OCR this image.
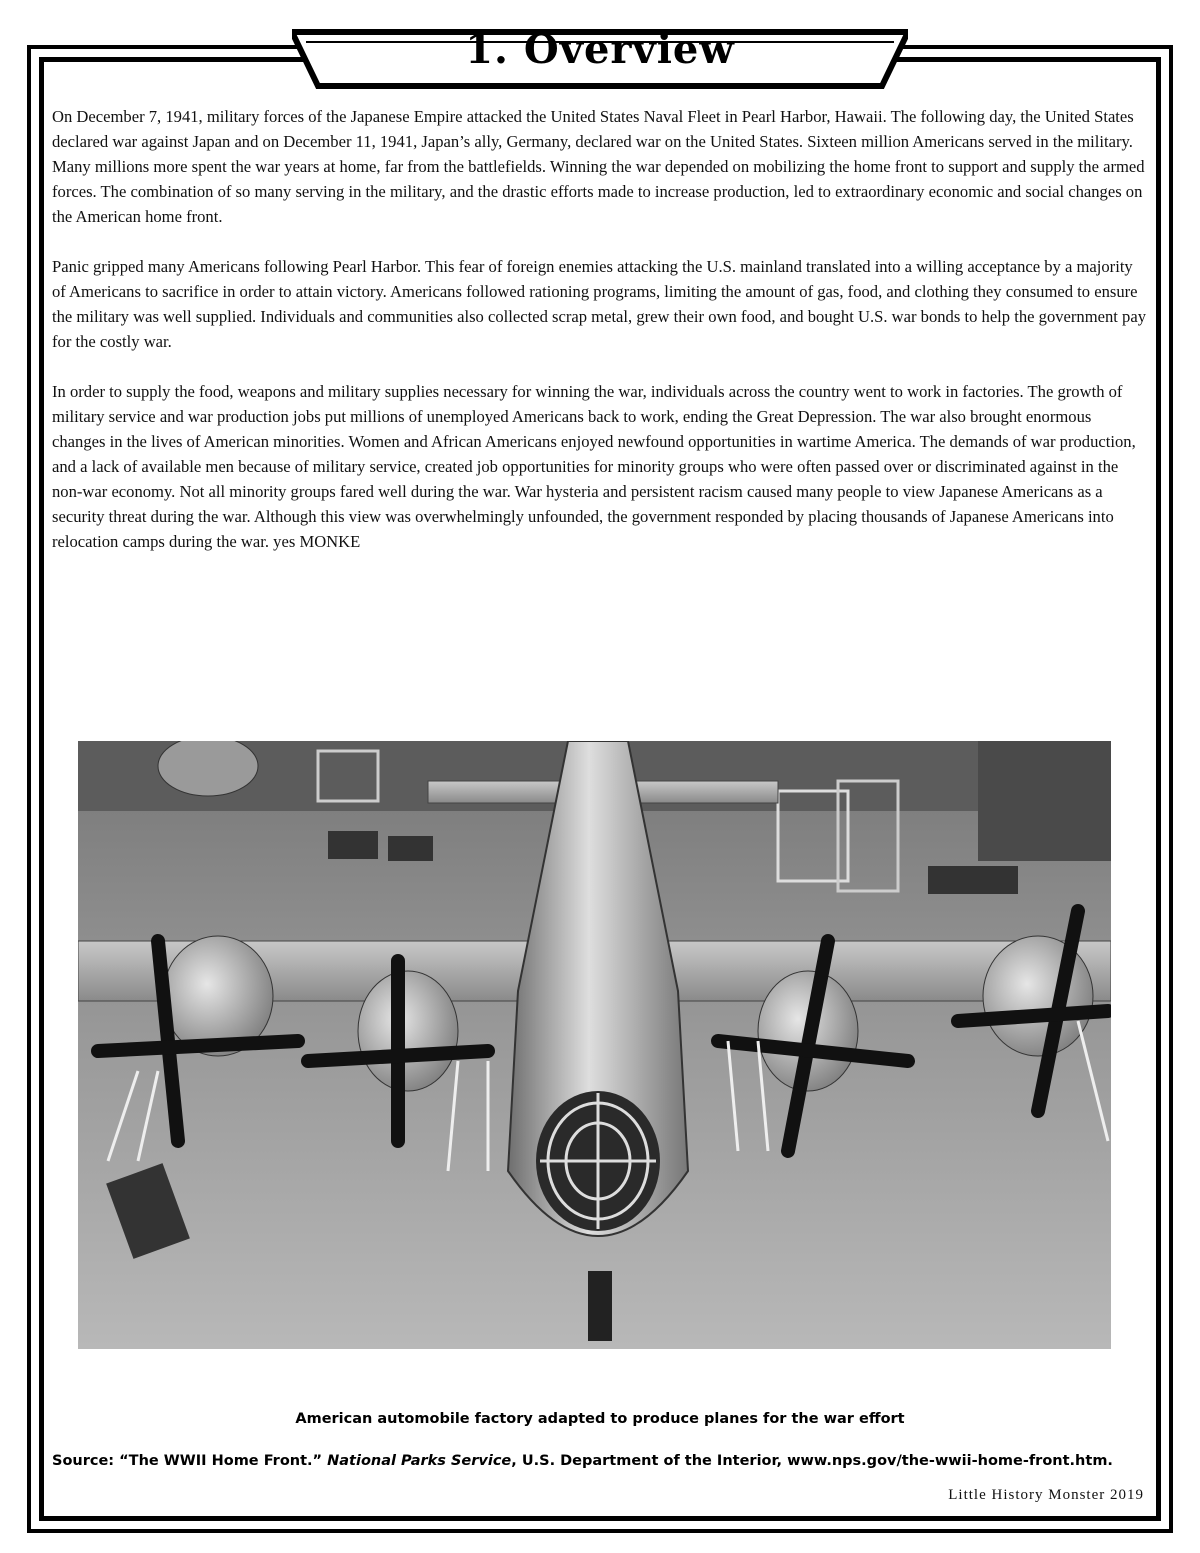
1. Overview

On December 7, 1941, military forces of the Japanese Empire attacked the United States Naval Fleet in Pearl Harbor, Hawaii. The following day, the United States declared war against Japan and on December 11, 1941, Japan’s ally, Germany, declared war on the United States. Sixteen million Americans served in the military. Many millions more spent the war years at home, far from the battlefields. Winning the war depended on mobilizing the home front to support and supply the armed forces. The combination of so many serving in the military, and the drastic efforts made to increase production, led to extraordinary economic and social changes on the American home front.

Panic gripped many Americans following Pearl Harbor. This fear of foreign enemies attacking the U.S. mainland translated into a willing acceptance by a majority of Americans to sacrifice in order to attain victory. Americans followed rationing programs, limiting the amount of gas, food, and clothing they consumed to ensure the military was well supplied. Individuals and communities also collected scrap metal, grew their own food, and bought U.S. war bonds to help the government pay for the costly war.

In order to supply the food, weapons and military supplies necessary for winning the war, individuals across the country went to work in factories. The growth of military service and war production jobs put millions of unemployed Americans back to work, ending the Great Depression. The war also brought enormous changes in the lives of American minorities. Women and African Americans enjoyed newfound opportunities in wartime America. The demands of war production, and a lack of available men because of military service, created job opportunities for minority groups who were often passed over or discriminated against in the non-war economy. Not all minority groups fared well during the war. War hysteria and persistent racism caused many people to view Japanese Americans as a security threat during the war. Although this view was overwhelmingly unfounded, the government responded by placing thousands of Japanese Americans into relocation camps during the war. yes MONKE

American automobile factory adapted to produce planes for the war effort
Source: “The WWII Home Front.” National Parks Service, U.S. Department of the Interior, www.nps.gov/the-wwii-home-front.htm.
Little History Monster 2019
